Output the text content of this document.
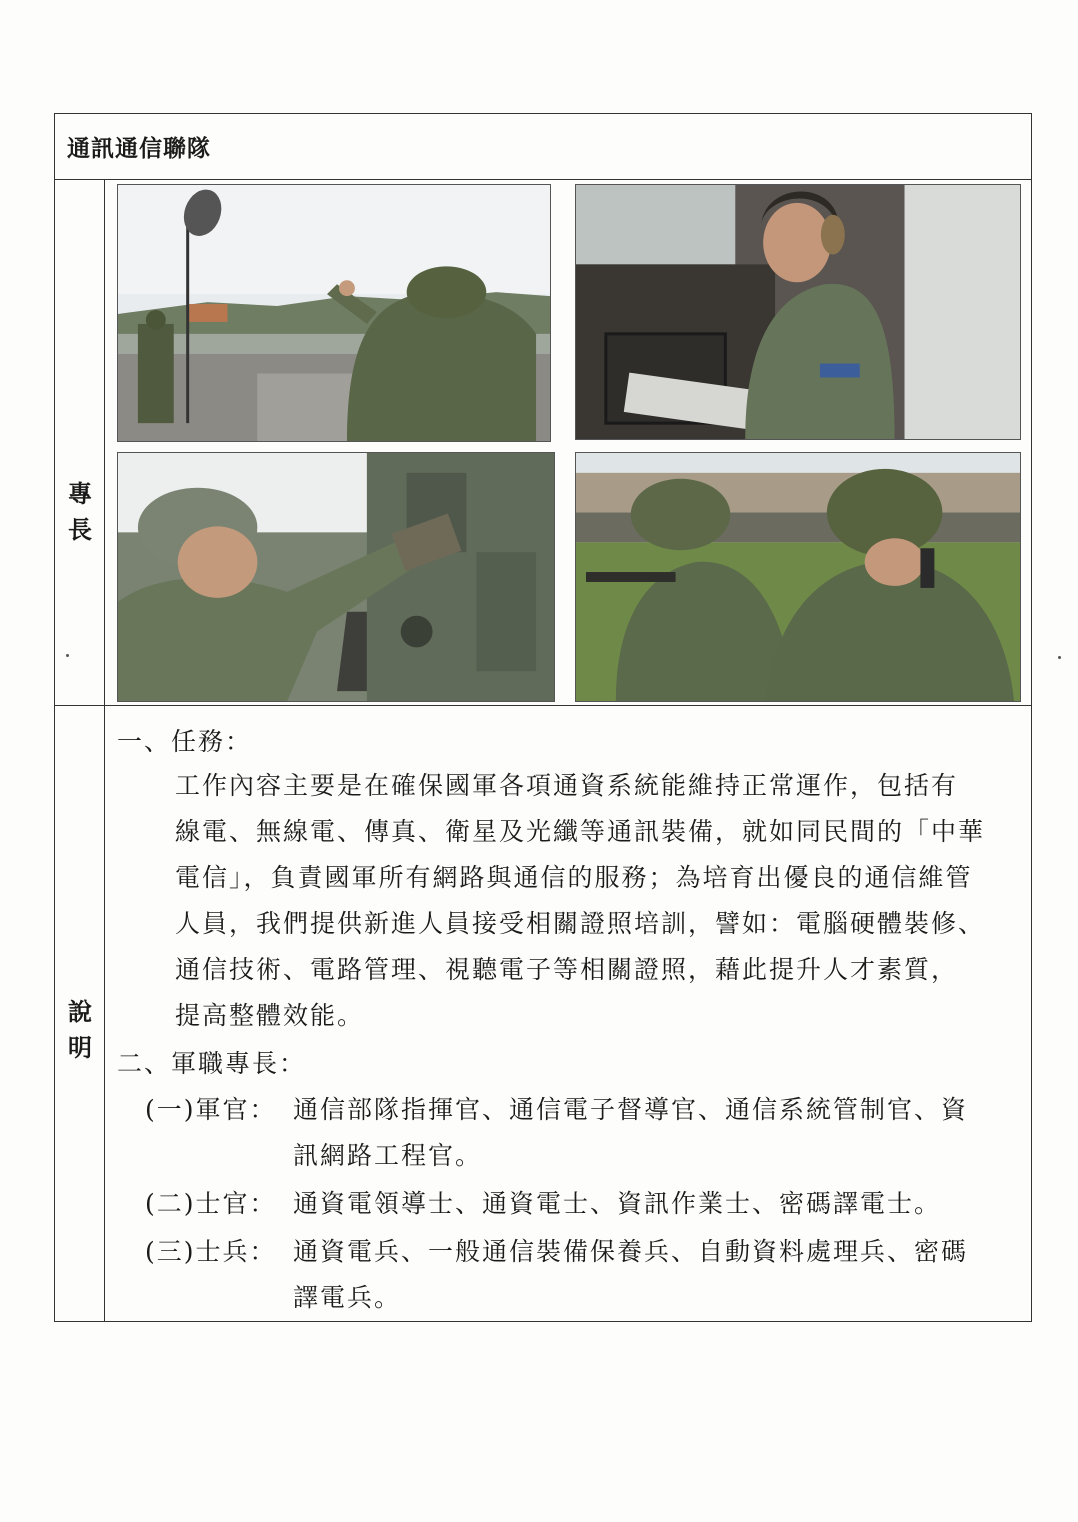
通訊通信聯隊
專
長
說
明
一、任務：
工作內容主要是在確保國軍各項通資系統能維持正常運作，包括有
線電、無線電、傳真、衛星及光纖等通訊裝備，就如同民間的「中華
電信」，負責國軍所有網路與通信的服務；為培育出優良的通信維管
人員，我們提供新進人員接受相關證照培訓，譬如：電腦硬體裝修、
通信技術、電路管理、視聽電子等相關證照，藉此提升人才素質，
提高整體效能。
二、軍職專長：
(一)軍官： 通信部隊指揮官、通信電子督導官、通信系統管制官、資
訊網路工程官。
(二)士官： 通資電領導士、通資電士、資訊作業士、密碼譯電士。
(三)士兵： 通資電兵、一般通信裝備保養兵、自動資料處理兵、密碼
譯電兵。
